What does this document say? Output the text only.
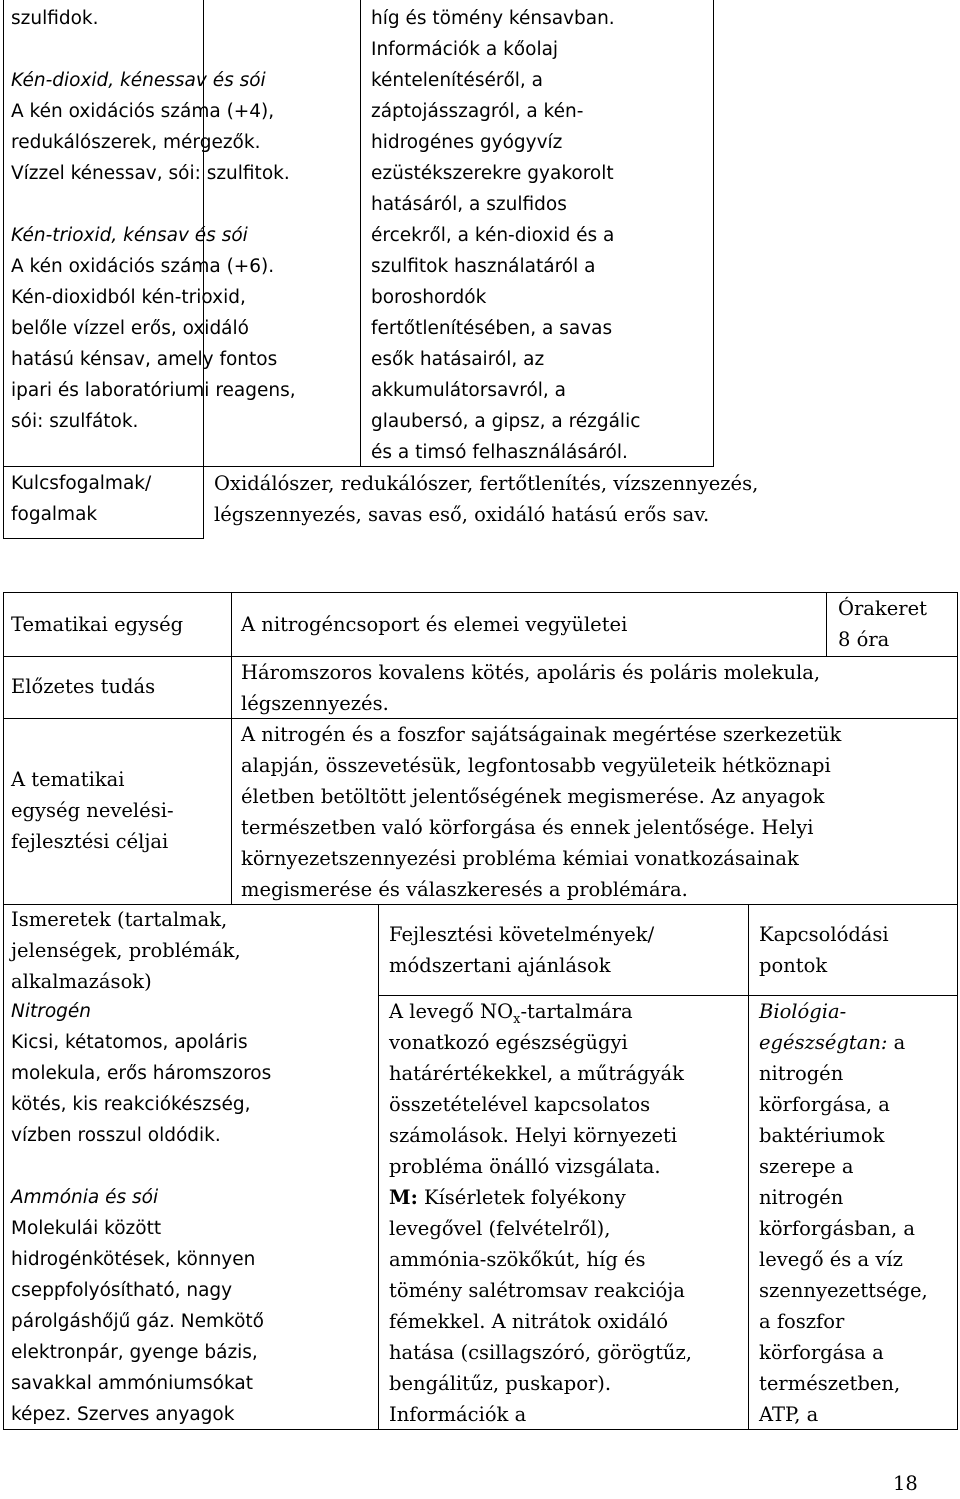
szulfidok.
Kén-dioxid, kénessav és sói
A kén oxidációs száma (+4),
redukálószerek, mérgezők.
Vízzel kénessav, sói: szulfitok.
Kén-trioxid, kénsav és sói
A kén oxidációs száma (+6).
Kén-dioxidból kén-trioxid,
belőle vízzel erős, oxidáló
hatású kénsav, amely fontos
ipari és laboratóriumi reagens,
sói: szulfátok.
híg és tömény kénsavban.
Információk a kőolaj
kéntelenítéséről, a
záptojásszagról, a kén-
hidrogénes gyógyvíz
ezüstékszerekre gyakorolt
hatásáról, a szulfidos
ércekről, a kén-dioxid és a
szulfitok használatáról a
boroshordók
fertőtlenítésében, a savas
esők hatásairól, az
akkumulátorsavról, a
glaubersó, a gipsz, a rézgálic
és a timsó felhasználásáról.
Kulcsfogalmak/
fogalmak
Oxidálószer, redukálószer, fertőtlenítés, vízszennyezés,
légszennyezés, savas eső, oxidáló hatású erős sav.
Tematikai egység	A nitrogéncsoport és elemei vegyületei
Órakeret
8 óra
Előzetes tudás
Háromszoros kovalens kötés, apoláris és poláris molekula,
légszennyezés.
A tematikai
egység nevelési-
fejlesztési céljai
A nitrogén és a foszfor sajátságainak megértése szerkezetük
alapján, összevetésük, legfontosabb vegyületeik hétköznapi
életben betöltött jelentőségének megismerése. Az anyagok
természetben való körforgása és ennek jelentősége. Helyi
környezetszennyezési probléma kémiai vonatkozásainak
megismerése és válaszkeresés a problémára.
Ismeretek (tartalmak,
jelenségek, problémák,
alkalmazások)
Fejlesztési követelmények/
módszertani ajánlások
Kapcsolódási
pontok
Nitrogén
Kicsi, kétatomos, apoláris
molekula, erős háromszoros
kötés, kis reakciókészség,
vízben rosszul oldódik.
Ammónia és sói
Molekulái között
hidrogénkötések, könnyen
cseppfolyósítható, nagy
párolgáshőjű gáz. Nemkötő
elektronpár, gyenge bázis,
savakkal ammóniumsókat
képez. Szerves anyagok
A levegő $NO_x$-tartalmára
vonatkozó egészségügyi
határértékekkel, a műtrágyák
összetételével kapcsolatos
számolások. Helyi környezeti
probléma önálló vizsgálata.
M: Kísérletek folyékony
levegővel (felvételről),
ammónia-szökőkút, híg és
tömény salétromsav reakciója
fémekkel. A nitrátok oxidáló
hatása (csillagszóró, görögtűz,
bengálitűz, puskapor).
Információk a
Biológia-
egészségtan: a
nitrogén
körforgása, a
baktériumok
szerepe a
nitrogén
körforgásban, a
levegő és a víz
szennyezettsége,
a foszfor
körforgása a
természetben,
ATP, a
18
